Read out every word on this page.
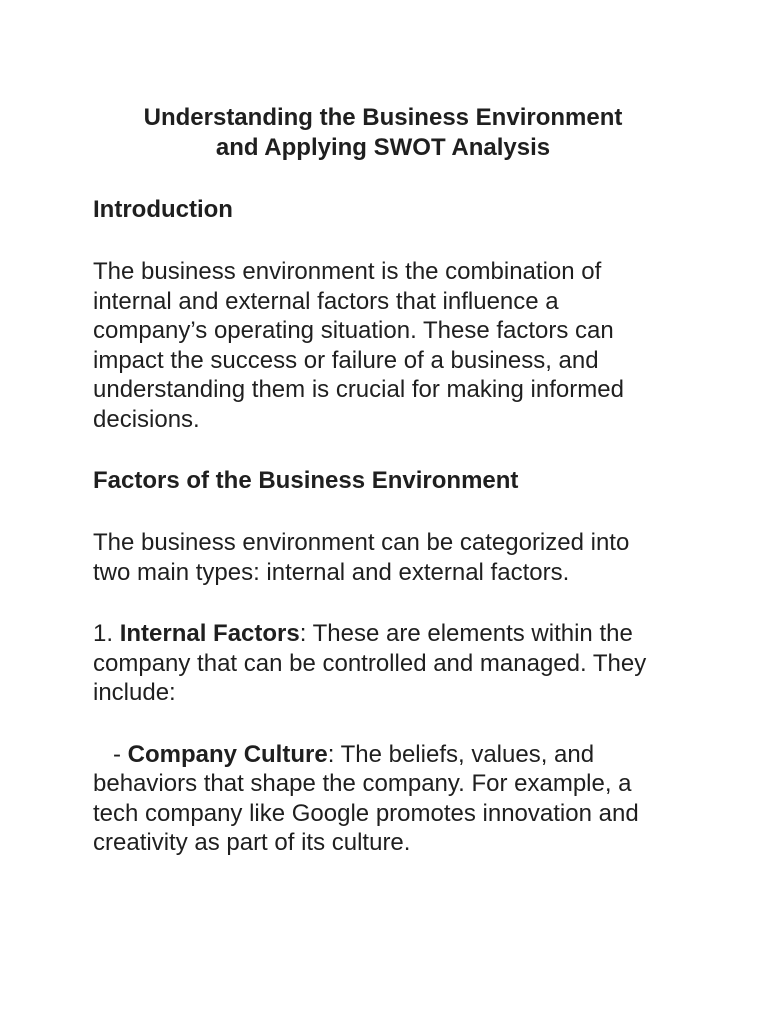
Understanding the Business Environment
and Applying SWOT Analysis
Introduction

The business environment is the combination of internal and external factors that influence a company’s operating situation. These factors can impact the success or failure of a business, and understanding them is crucial for making informed decisions.

Factors of the Business Environment

The business environment can be categorized into two main types: internal and external factors.

1. Internal Factors: These are elements within the company that can be controlled and managed. They include:

- Company Culture: The beliefs, values, and behaviors that shape the company. For example, a tech company like Google promotes innovation and creativity as part of its culture.
